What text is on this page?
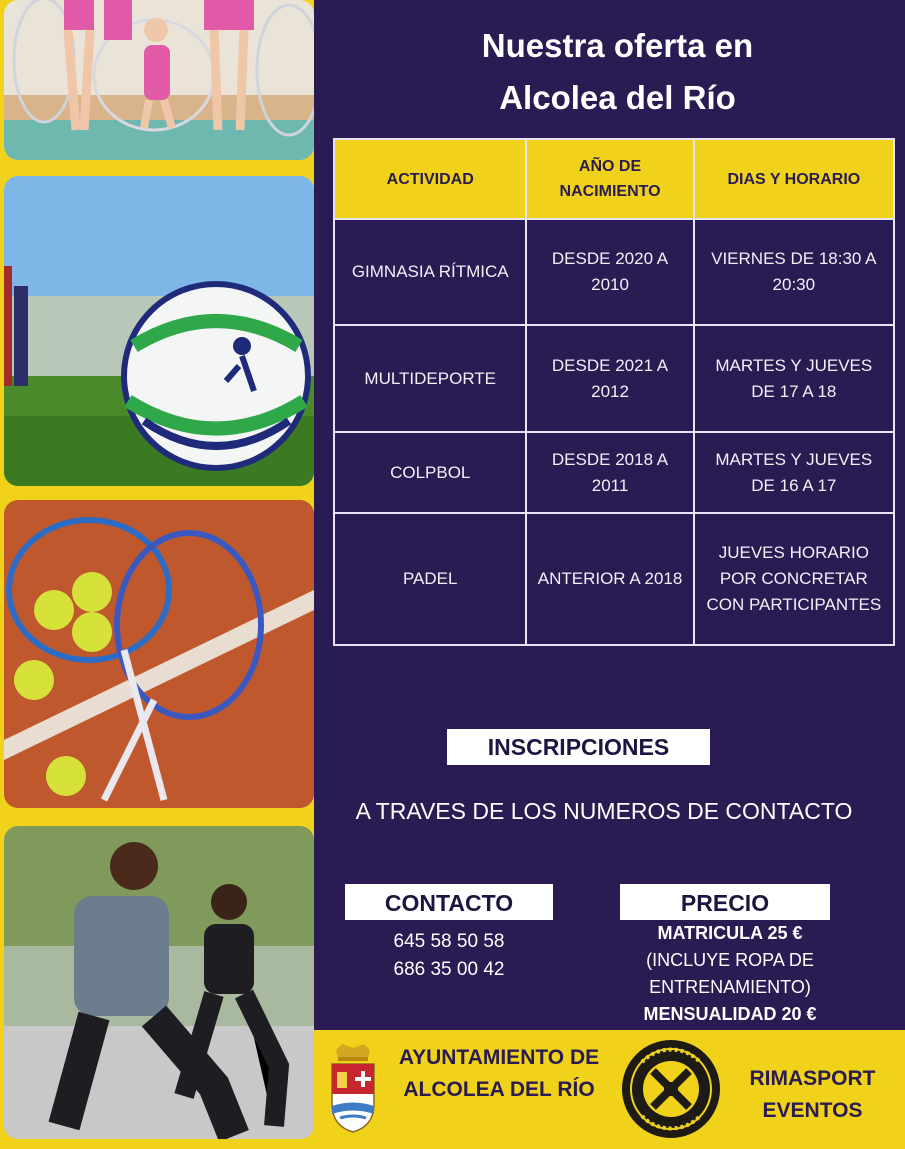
Nuestra oferta en
Alcolea del Río
ACTIVIDAD	AÑO DE NACIMIENTO	DIAS Y HORARIO
GIMNASIA RÍTMICA	DESDE 2020 A 2010	VIERNES DE 18:30 A 20:30
MULTIDEPORTE	DESDE 2021 A 2012	MARTES Y JUEVES DE 17 A 18
COLPBOL	DESDE 2018 A 2011	MARTES Y JUEVES DE 16 A 17
PADEL	ANTERIOR A 2018	JUEVES HORARIO POR CONCRETAR CON PARTICIPANTES
INSCRIPCIONES
A TRAVES DE LOS NUMEROS DE CONTACTO
CONTACTO
645 58 50 58
686 35 00 42
PRECIO
MATRICULA 25 €
(INCLUYE ROPA DE ENTRENAMIENTO)
MENSUALIDAD 20 €
AYUNTAMIENTO DE ALCOLEA DEL RÍO	RIMASPORT EVENTOS
